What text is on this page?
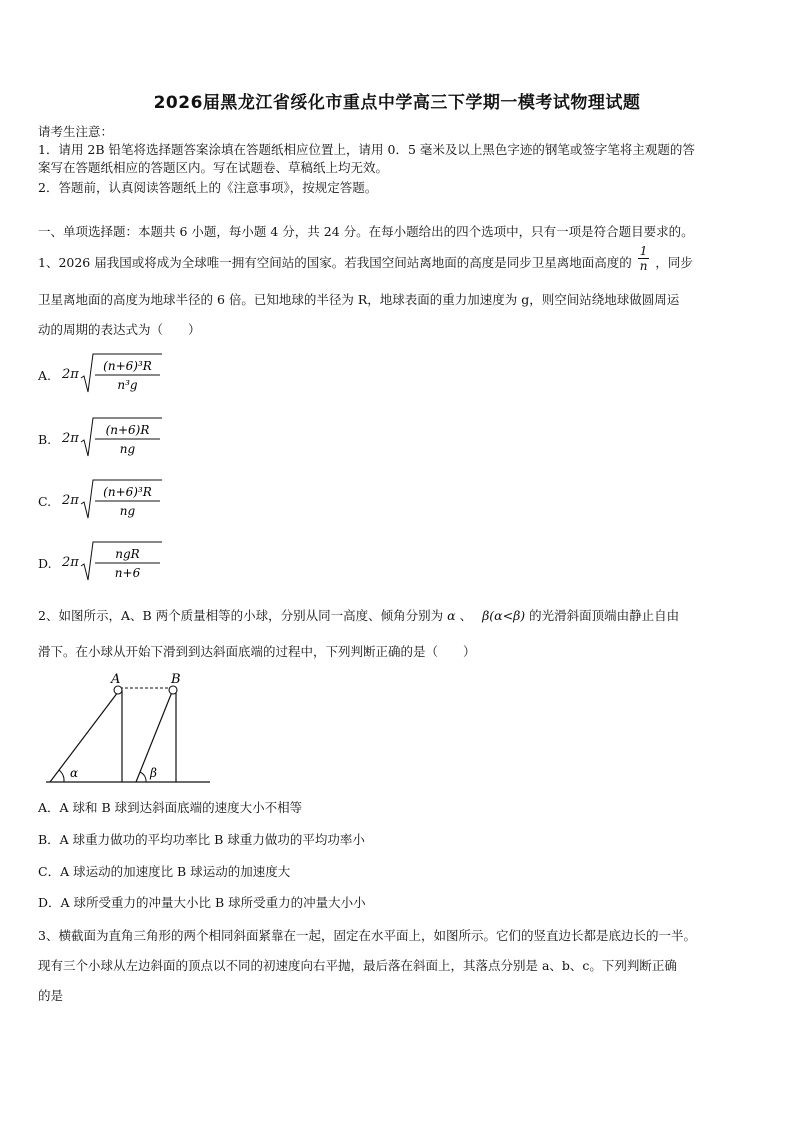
2026届黑龙江省绥化市重点中学高三下学期一模考试物理试题
请考生注意：
1．请用 2B 铅笔将选择题答案涂填在答题纸相应位置上，请用 0．5 毫米及以上黑色字迹的钢笔或签字笔将主观题的答
案写在答题纸相应的答题区内。写在试题卷、草稿纸上均无效。
2．答题前，认真阅读答题纸上的《注意事项》，按规定答题。
一、单项选择题：本题共 6 小题，每小题 4 分，共 24 分。在每小题给出的四个选项中，只有一项是符合题目要求的。
1、2026 届我国或将成为全球唯一拥有空间站的国家。若我国空间站离地面的高度是同步卫星离地面高度的 $\frac{1}{n}$ ，同步
卫星离地面的高度为地球半径的 6 倍。已知地球的半径为 R，地球表面的重力加速度为 g，则空间站绕地球做圆周运
动的周期的表达式为（　　）
A. 2π
(n+6)³R
n³g
B. 2π
(n+6)R
ng
C. 2π
(n+6)³R
ng
D. 2π
ngR
n+6
2、如图所示，A、B 两个质量相等的小球，分别从同一高度、倾角分别为 α 、 β(α<β) 的光滑斜面顶端由静止自由
滑下。在小球从开始下滑到到达斜面底端的过程中，下列判断正确的是（　　）
A	B
α	β
A．A 球和 B 球到达斜面底端的速度大小不相等
B．A 球重力做功的平均功率比 B 球重力做功的平均功率小
C．A 球运动的加速度比 B 球运动的加速度大
D．A 球所受重力的冲量大小比 B 球所受重力的冲量大小小
3、横截面为直角三角形的两个相同斜面紧靠在一起，固定在水平面上，如图所示。它们的竖直边长都是底边长的一半。
现有三个小球从左边斜面的顶点以不同的初速度向右平抛，最后落在斜面上，其落点分别是 a、b、c。下列判断正确
的是
